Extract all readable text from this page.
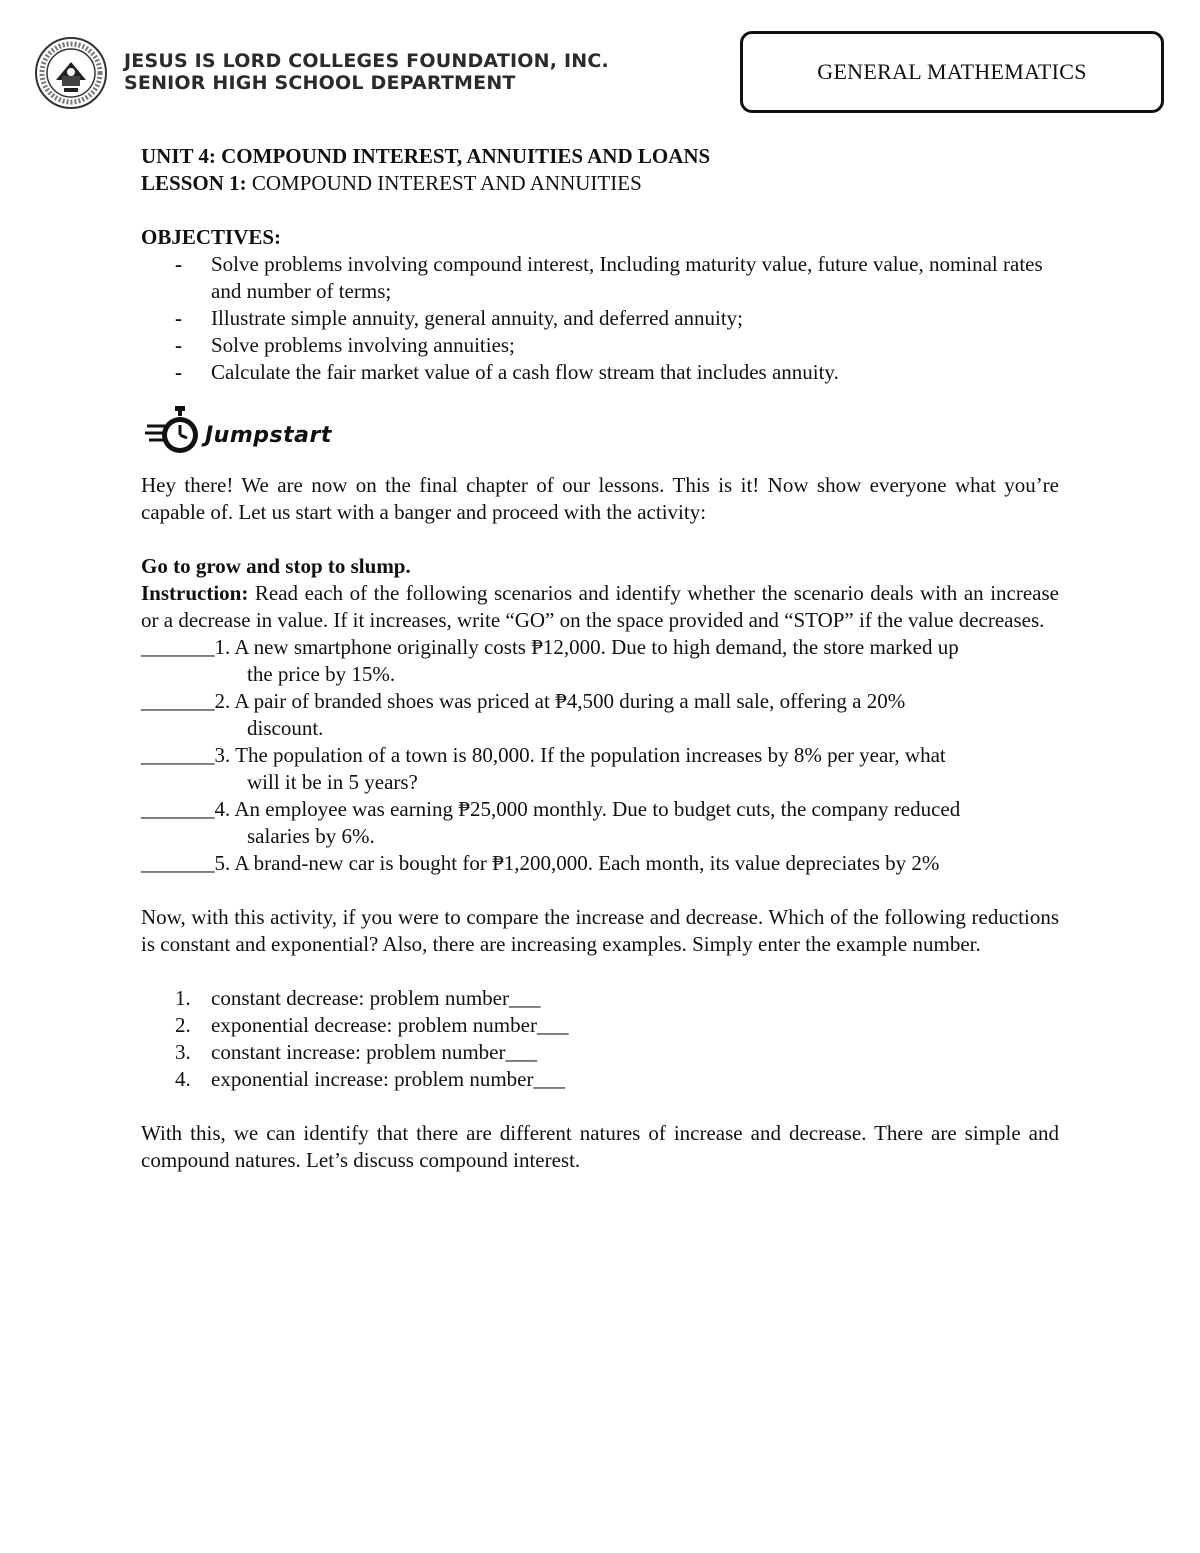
JESUS IS LORD COLLEGES FOUNDATION, INC.
SENIOR HIGH SCHOOL DEPARTMENT	GENERAL MATHEMATICS

UNIT 4: COMPOUND INTEREST, ANNUITIES AND LOANS

LESSON 1: COMPOUND INTEREST AND ANNUITIES

OBJECTIVES:

- Solve problems involving compound interest, Including maturity value, future value, nominal rates and number of terms;
- Illustrate simple annuity, general annuity, and deferred annuity;
- Solve problems involving annuities;
- Calculate the fair market value of a cash flow stream that includes annuity.
Jumpstart

Hey there! We are now on the final chapter of our lessons. This is it! Now show everyone what you’re capable of. Let us start with a banger and proceed with the activity:

Go to grow and stop to slump.

Instruction: Read each of the following scenarios and identify whether the scenario deals with an increase or a decrease in value. If it increases, write “GO” on the space provided and “STOP” if the value decreases.

_______1. A new smartphone originally costs ₱12,000. Due to high demand, the store marked up
the price by 15%.
_______2. A pair of branded shoes was priced at ₱4,500 during a mall sale, offering a 20%
discount.
_______3. The population of a town is 80,000. If the population increases by 8% per year, what
will it be in 5 years?
_______4. An employee was earning ₱25,000 monthly. Due to budget cuts, the company reduced
salaries by 6%.
_______5. A brand-new car is bought for ₱1,200,000. Each month, its value depreciates by 2%

Now, with this activity, if you were to compare the increase and decrease. Which of the following reductions is constant and exponential? Also, there are increasing examples. Simply enter the example number.

1. constant decrease: problem number___
2. exponential decrease: problem number___
3. constant increase: problem number___
4. exponential increase: problem number___

With this, we can identify that there are different natures of increase and decrease. There are simple and compound natures. Let’s discuss compound interest.
